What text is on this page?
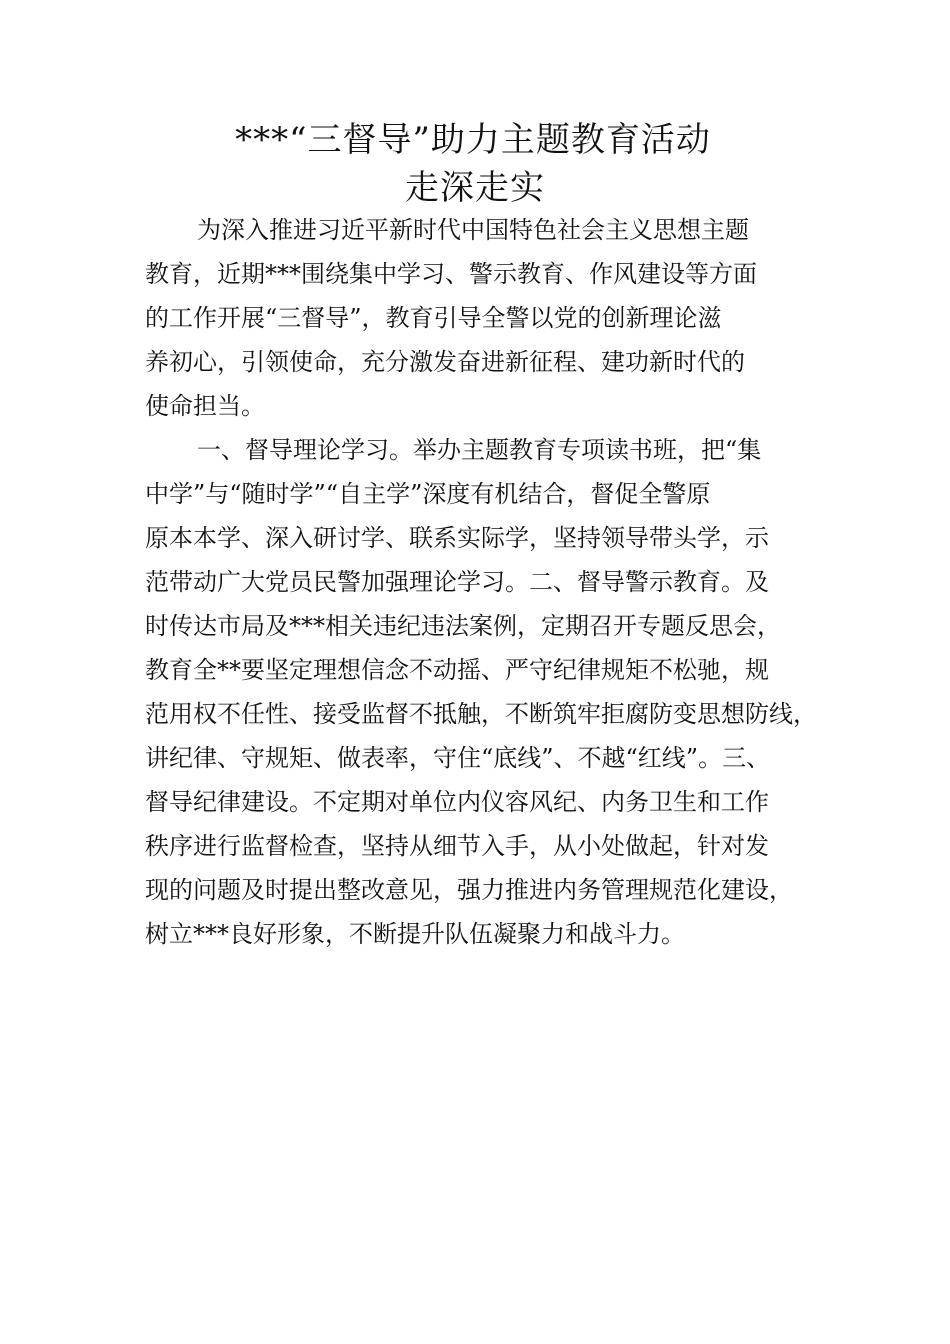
***“三督导”助力主题教育活动
走深走实
为深入推进习近平新时代中国特色社会主义思想主题
教育，近期***围绕集中学习、警示教育、作风建设等方面
的工作开展“三督导”，教育引导全警以党的创新理论滋
养初心，引领使命，充分激发奋进新征程、建功新时代的
使命担当。
一、督导理论学习。举办主题教育专项读书班，把“集
中学”与“随时学”“自主学”深度有机结合，督促全警原
原本本学、深入研讨学、联系实际学，坚持领导带头学，示
范带动广大党员民警加强理论学习。二、督导警示教育。及
时传达市局及***相关违纪违法案例，定期召开专题反思会，
教育全**要坚定理想信念不动摇、严守纪律规矩不松驰，规
范用权不任性、接受监督不抵触，不断筑牢拒腐防变思想防线，
讲纪律、守规矩、做表率，守住“底线”、不越“红线”。三、
督导纪律建设。不定期对单位内仪容风纪、内务卫生和工作
秩序进行监督检查，坚持从细节入手，从小处做起，针对发
现的问题及时提出整改意见，强力推进内务管理规范化建设，
树立***良好形象，不断提升队伍凝聚力和战斗力。
